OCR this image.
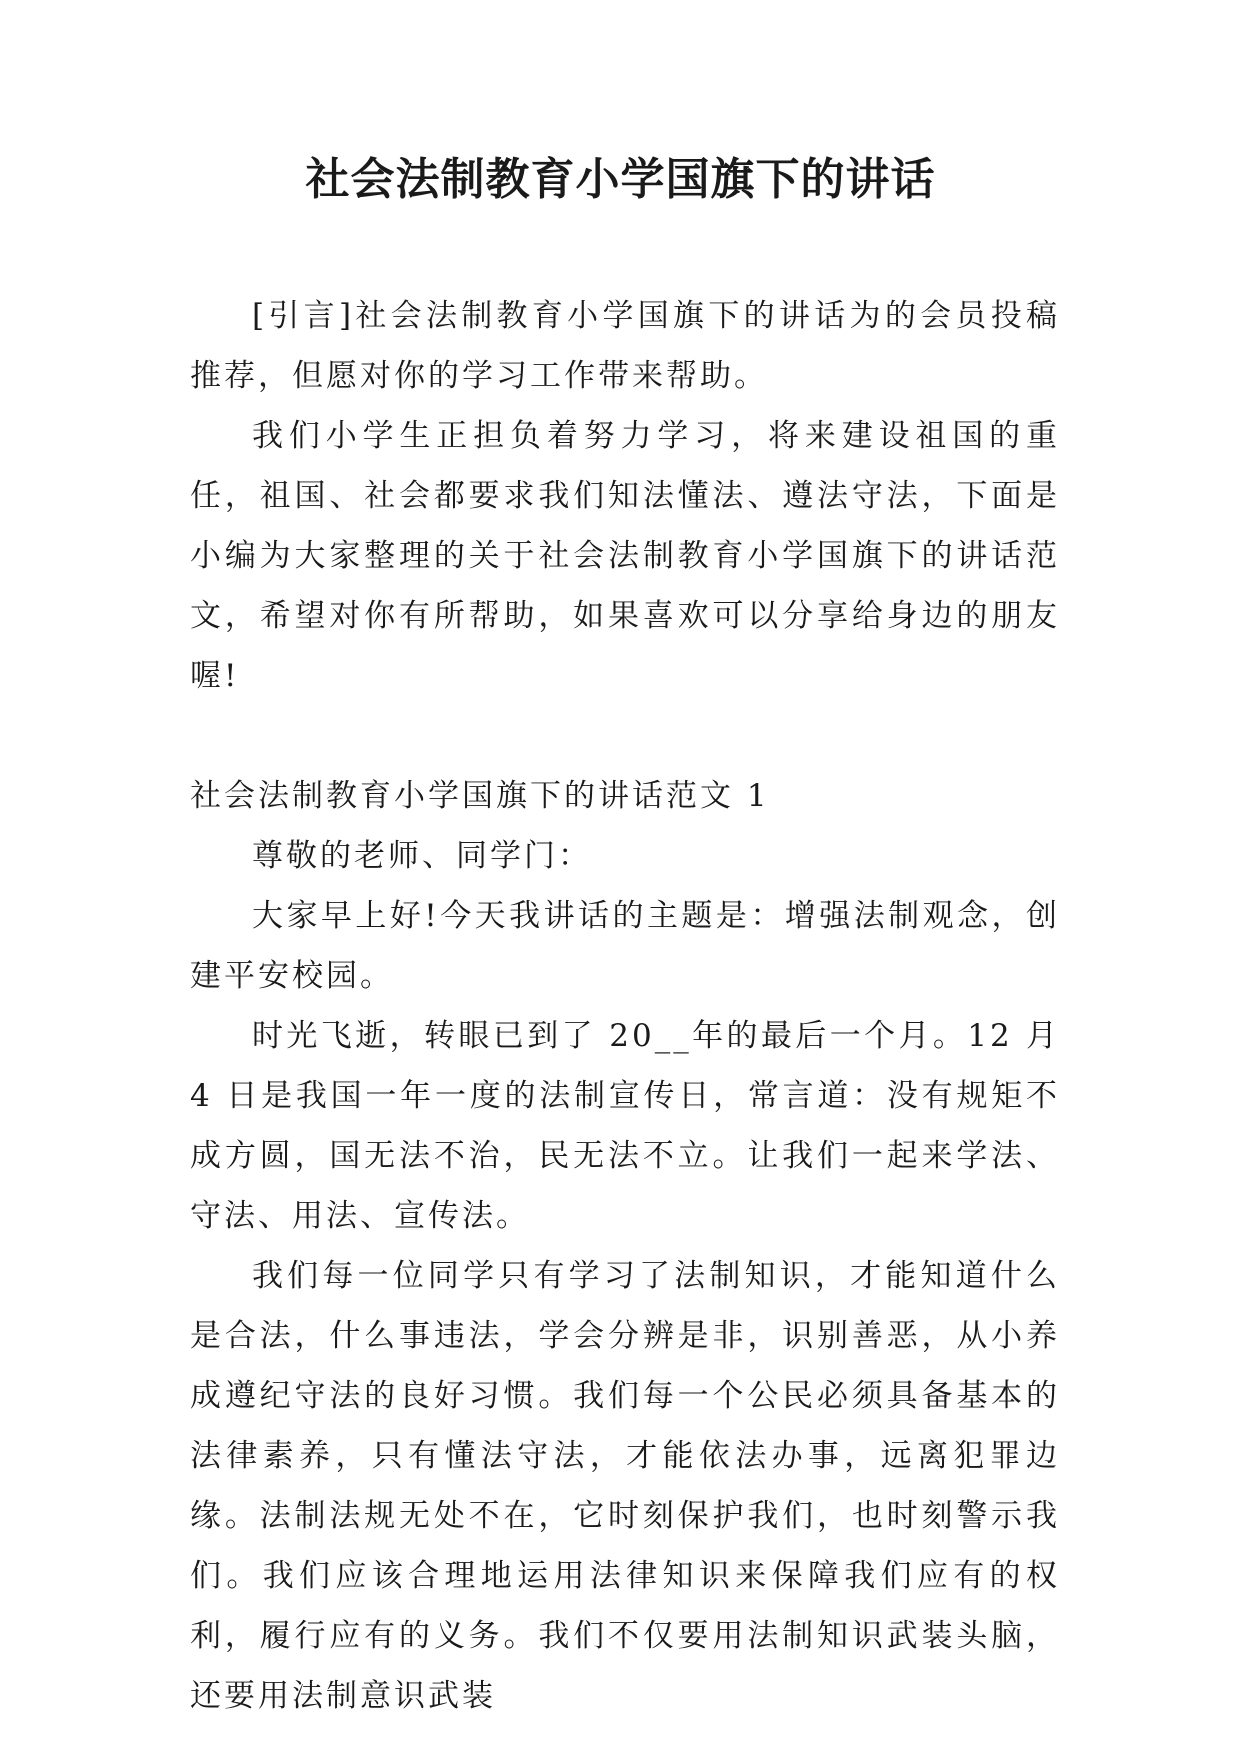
社会法制教育小学国旗下的讲话

[引言]社会法制教育小学国旗下的讲话为的会员投稿推荐，但愿对你的学习工作带来帮助。

我们小学生正担负着努力学习，将来建设祖国的重任，祖国、社会都要求我们知法懂法、遵法守法，下面是小编为大家整理的关于社会法制教育小学国旗下的讲话范文，希望对你有所帮助，如果喜欢可以分享给身边的朋友喔!

社会法制教育小学国旗下的讲话范文 1

尊敬的老师、同学门：

大家早上好!今天我讲话的主题是：增强法制观念，创建平安校园。

时光飞逝，转眼已到了 20__年的最后一个月。12 月 4 日是我国一年一度的法制宣传日，常言道：没有规矩不成方圆，国无法不治，民无法不立。让我们一起来学法、守法、用法、宣传法。

我们每一位同学只有学习了法制知识，才能知道什么是合法，什么事违法，学会分辨是非，识别善恶，从小养成遵纪守法的良好习惯。我们每一个公民必须具备基本的法律素养，只有懂法守法，才能依法办事，远离犯罪边缘。法制法规无处不在，它时刻保护我们，也时刻警示我们。我们应该合理地运用法律知识来保障我们应有的权利，履行应有的义务。我们不仅要用法制知识武装头脑，还要用法制意识武装
